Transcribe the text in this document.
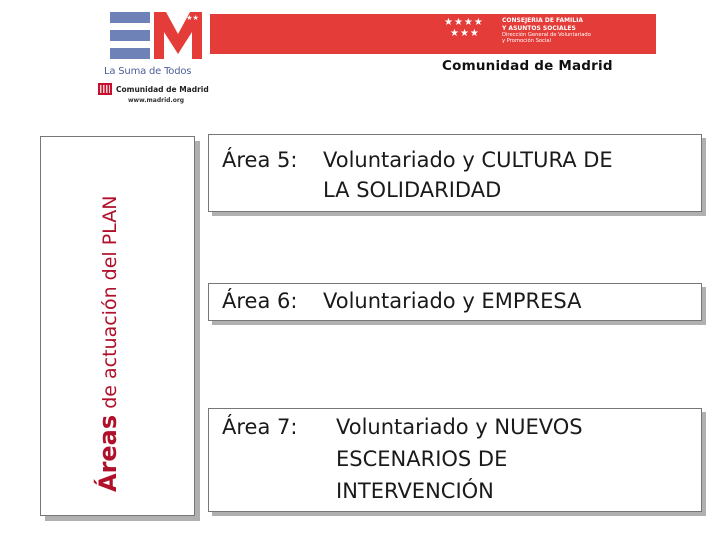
★★★
La Suma de Todos
Comunidad de Madrid
www.madrid.org
★★★★
★★★
CONSEJERIA DE FAMILIA
Y ASUNTOS SOCIALES
Dirección General de Voluntariado
y Promoción Social
Comunidad de Madrid
Áreas de actuación del PLAN
Área 5: Voluntariado y CULTURA DE
LA SOLIDARIDAD
Área 6: Voluntariado y EMPRESA
Área 7: Voluntariado y NUEVOS
ESCENARIOS DE
INTERVENCIÓN
